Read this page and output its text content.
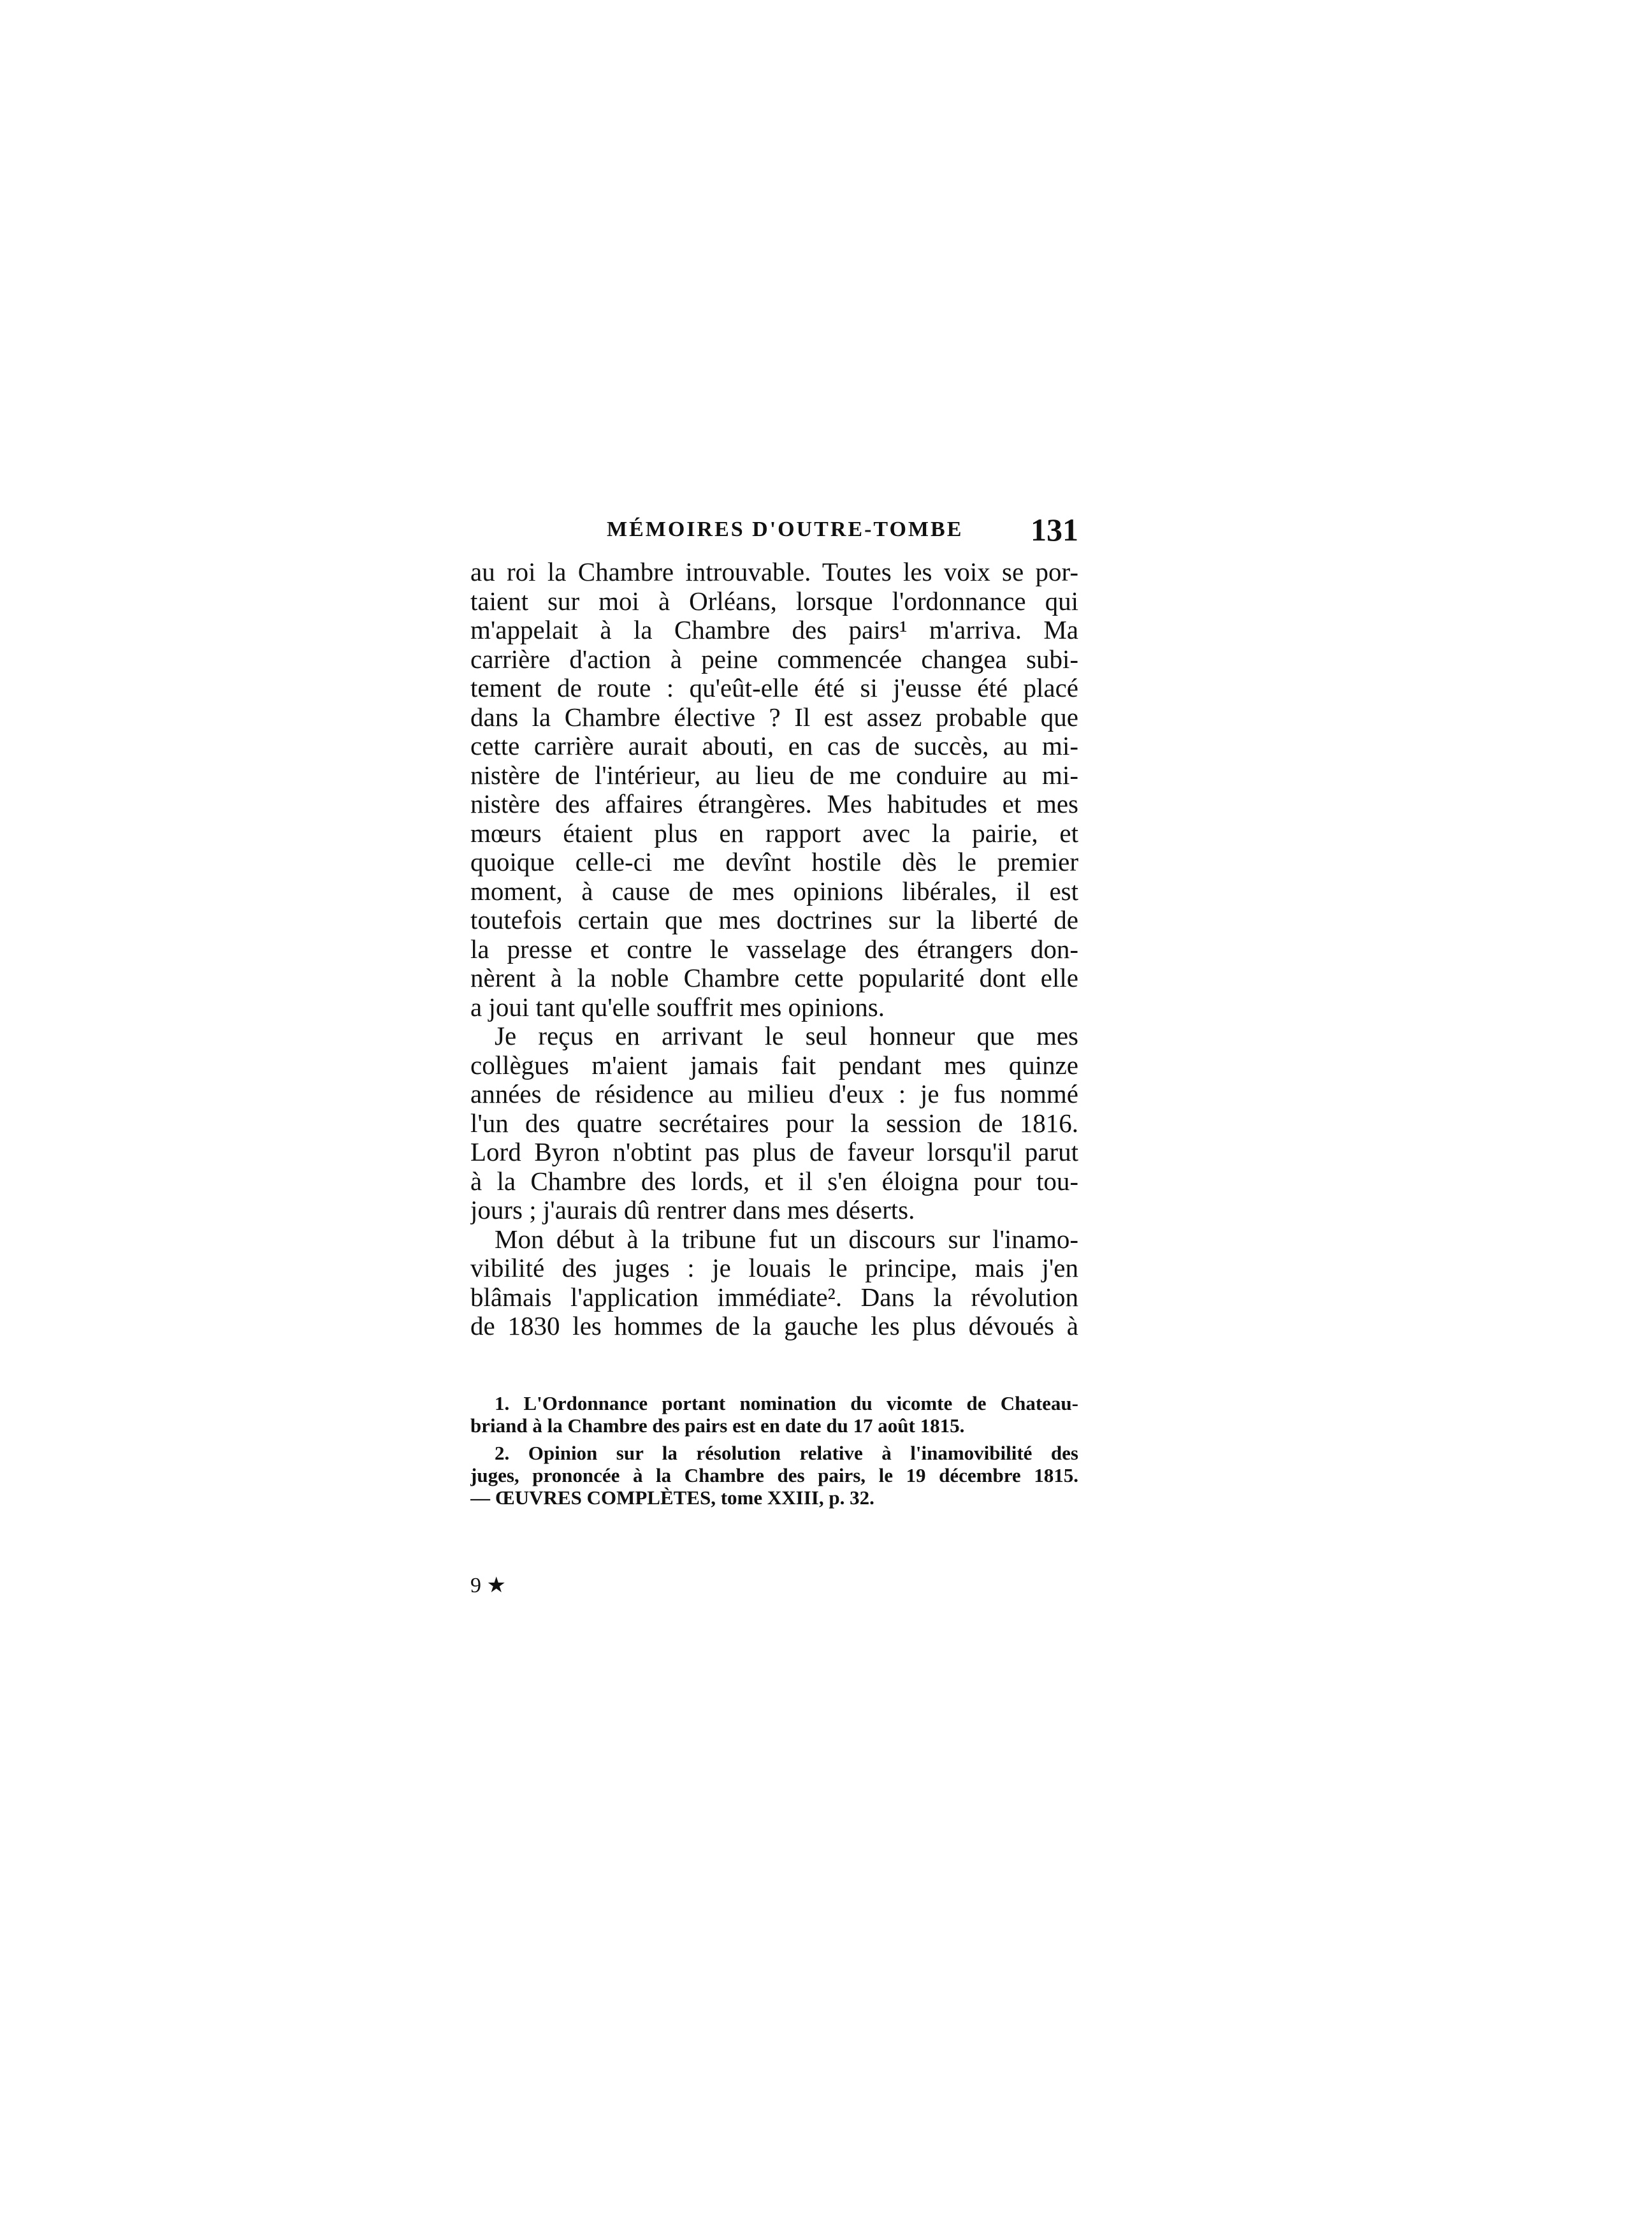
MÉMOIRES D'OUTRE-TOMBE 131
au roi la Chambre introuvable. Toutes les voix se por-
taient sur moi à Orléans, lorsque l'ordonnance qui
m'appelait à la Chambre des pairs¹ m'arriva. Ma
carrière d'action à peine commencée changea subi-
tement de route : qu'eût-elle été si j'eusse été placé
dans la Chambre élective ? Il est assez probable que
cette carrière aurait abouti, en cas de succès, au mi-
nistère de l'intérieur, au lieu de me conduire au mi-
nistère des affaires étrangères. Mes habitudes et mes
mœurs étaient plus en rapport avec la pairie, et
quoique celle-ci me devînt hostile dès le premier
moment, à cause de mes opinions libérales, il est
toutefois certain que mes doctrines sur la liberté de
la presse et contre le vasselage des étrangers don-
nèrent à la noble Chambre cette popularité dont elle
a joui tant qu'elle souffrit mes opinions.
Je reçus en arrivant le seul honneur que mes
collègues m'aient jamais fait pendant mes quinze
années de résidence au milieu d'eux : je fus nommé
l'un des quatre secrétaires pour la session de 1816.
Lord Byron n'obtint pas plus de faveur lorsqu'il parut
à la Chambre des lords, et il s'en éloigna pour tou-
jours ; j'aurais dû rentrer dans mes déserts.
Mon début à la tribune fut un discours sur l'inamo-
vibilité des juges : je louais le principe, mais j'en
blâmais l'application immédiate². Dans la révolution
de 1830 les hommes de la gauche les plus dévoués à
1. L'Ordonnance portant nomination du vicomte de Chateau-
briand à la Chambre des pairs est en date du 17 août 1815.
2. Opinion sur la résolution relative à l'inamovibilité des
juges, prononcée à la Chambre des pairs, le 19 décembre 1815.
— ŒUVRES COMPLÈTES, tome XXIII, p. 32.
9 ★
